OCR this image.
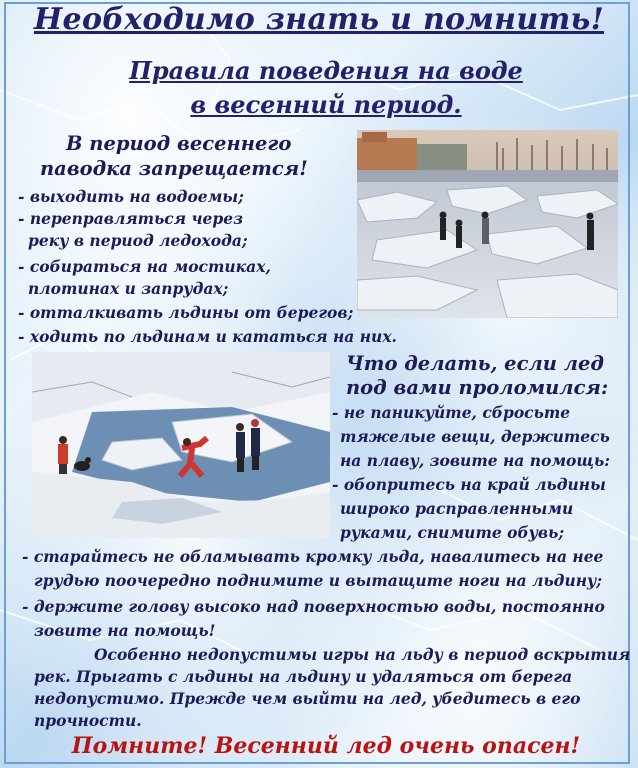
Необходимо знать и помнить!
Правила поведения на воде
в весенний период.
В период весеннего
паводка запрещается!
- выходить на водоемы;
- переправляться через
реку в период ледохода;
- собираться на мостиках,
плотинах и запрудах;
- отталкивать льдины от берегов;
- ходить по льдинам и кататься на них.
Что делать, если лед
под вами проломился:
- не паникуйте, сбросьте
тяжелые вещи, держитесь
на плаву, зовите на помощь:
- обопритесь на край льдины
широко расправленными
руками, снимите обувь;
- старайтесь не обламывать кромку льда, навалитесь на нее
грудью поочередно поднимите и вытащите ноги на льдину;
- держите голову высоко над поверхностью воды, постоянно
зовите на помощь!
Особенно недопустимы игры на льду в период вскрытия
рек. Прыгать с льдины на льдину и удаляться от берега
недопустимо. Прежде чем выйти на лед, убедитесь в его
прочности.
Помните! Весенний лед очень опасен!
